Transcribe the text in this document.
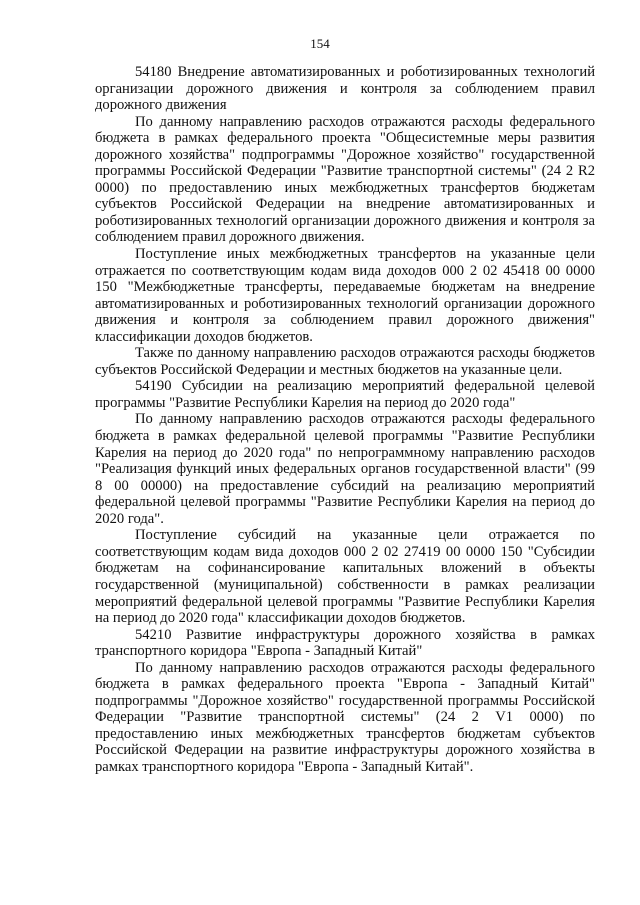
154

54180 Внедрение автоматизированных и роботизированных технологий организации дорожного движения и контроля за соблюдением правил дорожного движения

По данному направлению расходов отражаются расходы федерального бюджета в рамках федерального проекта "Общесистемные меры развития дорожного хозяйства" подпрограммы "Дорожное хозяйство" государственной программы Российской Федерации "Развитие транспортной системы" (24 2 R2 0000) по предоставлению иных межбюджетных трансфертов бюджетам субъектов Российской Федерации на внедрение автоматизированных и роботизированных технологий организации дорожного движения и контроля за соблюдением правил дорожного движения.

Поступление иных межбюджетных трансфертов на указанные цели отражается по соответствующим кодам вида доходов 000 2 02 45418 00 0000 150 "Межбюджетные трансферты, передаваемые бюджетам на внедрение автоматизированных и роботизированных технологий организации дорожного движения и контроля за соблюдением правил дорожного движения" классификации доходов бюджетов.

Также по данному направлению расходов отражаются расходы бюджетов субъектов Российской Федерации и местных бюджетов на указанные цели.

54190 Субсидии на реализацию мероприятий федеральной целевой программы "Развитие Республики Карелия на период до 2020 года"

По данному направлению расходов отражаются расходы федерального бюджета в рамках федеральной целевой программы "Развитие Республики Карелия на период до 2020 года" по непрограммному направлению расходов "Реализация функций иных федеральных органов государственной власти" (99 8 00 00000) на предоставление субсидий на реализацию мероприятий федеральной целевой программы "Развитие Республики Карелия на период до 2020 года".

Поступление субсидий на указанные цели отражается по соответствующим кодам вида доходов 000 2 02 27419 00 0000 150 "Субсидии бюджетам на софинансирование капитальных вложений в объекты государственной (муниципальной) собственности в рамках реализации мероприятий федеральной целевой программы "Развитие Республики Карелия на период до 2020 года" классификации доходов бюджетов.

54210 Развитие инфраструктуры дорожного хозяйства в рамках транспортного коридора "Европа - Западный Китай"

По данному направлению расходов отражаются расходы федерального бюджета в рамках федерального проекта "Европа - Западный Китай" подпрограммы "Дорожное хозяйство" государственной программы Российской Федерации "Развитие транспортной системы" (24 2 V1 0000) по предоставлению иных межбюджетных трансфертов бюджетам субъектов Российской Федерации на развитие инфраструктуры дорожного хозяйства в рамках транспортного коридора "Европа - Западный Китай".
